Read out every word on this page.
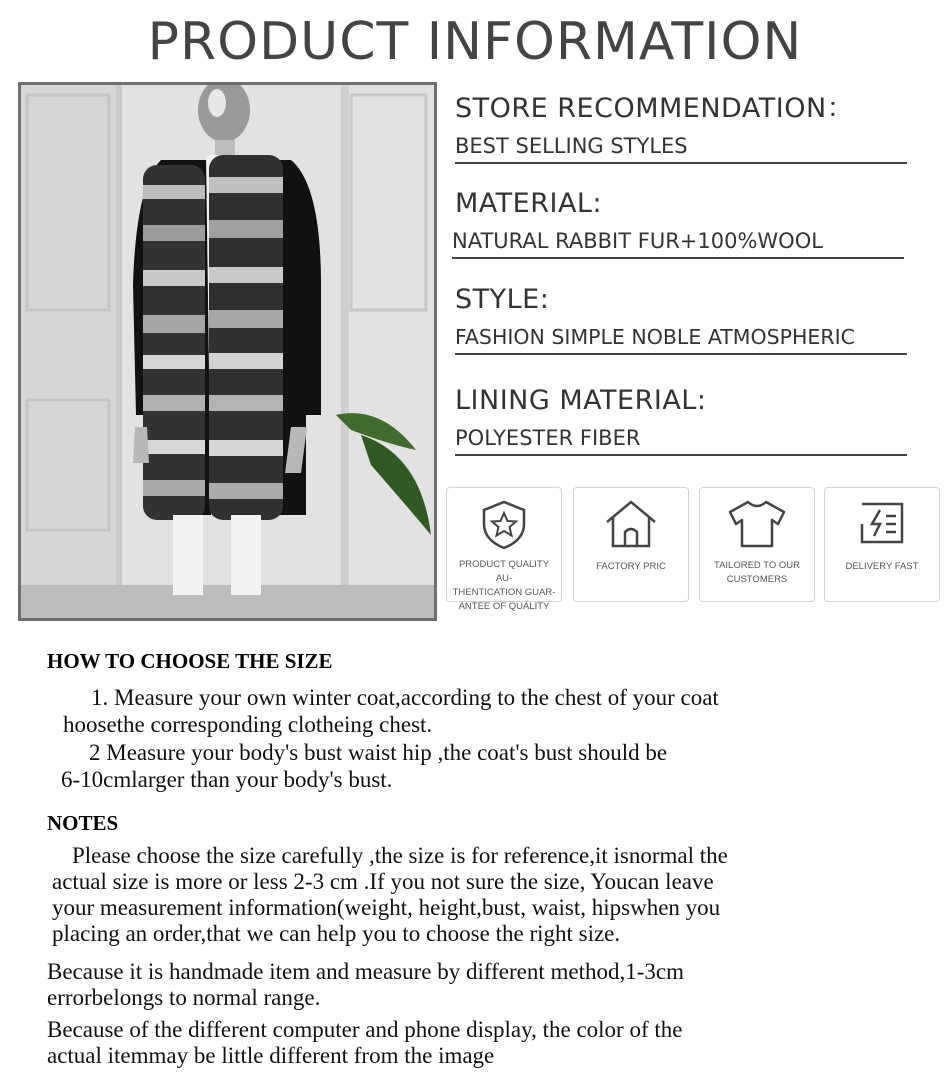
PRODUCT INFORMATION
STORE RECOMMENDATION：
BEST SELLING STYLES
MATERIAL:
NATURAL RABBIT FUR+100%WOOL
STYLE:
FASHION SIMPLE NOBLE ATMOSPHERIC
LINING MATERIAL:
POLYESTER FIBER
PRODUCT QUALITY AU-
THENTICATION GUAR-
ANTEE OF QUALITY
FACTORY PRIC	TAILORED TO OUR
CUSTOMERS
DELIVERY FAST
HOW TO CHOOSE THE SIZE
1. Measure your own winter coat,according to the chest of your coat
hoosethe corresponding clotheing chest.
2 Measure your body's bust waist hip ,the coat's bust should be
6-10cmlarger than your body's bust.
NOTES
Please choose the size carefully ,the size is for reference,it isnormal the
actual size is more or less 2-3 cm .If you not sure the size, Youcan leave
your measurement information(weight, height,bust, waist, hipswhen you
placing an order,that we can help you to choose the right size.
Because it is handmade item and measure by different method,1-3cm
errorbelongs to normal range.
Because of the different computer and phone display, the color of the
actual itemmay be little different from the image
